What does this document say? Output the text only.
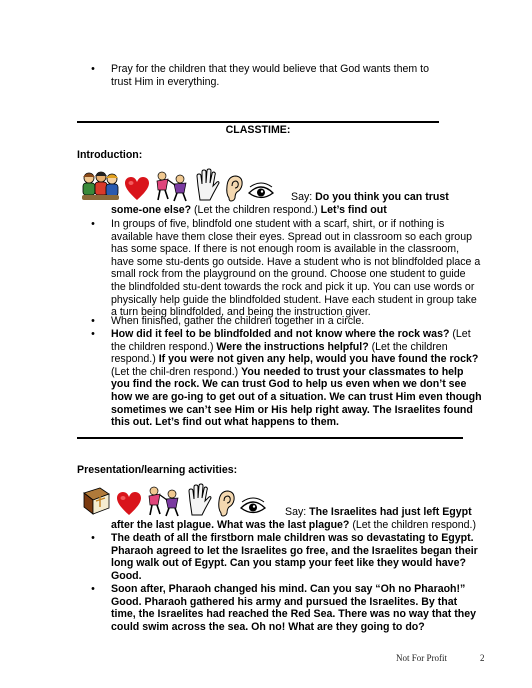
• Pray for the children that they would believe that God wants them to trust Him in everything.

CLASSTIME:
Introduction:

Say: Do you think you can trust some-one else? (Let the children respond.) Let’s find out

• In groups of five, blindfold one student with a scarf, shirt, or if nothing is available have them close their eyes. Spread out in classroom so each group has some space. If there is not enough room is available in the classroom, have some stu-dents go outside. Have a student who is not blindfolded place a small rock from the playground on the ground. Choose one student to guide the blindfolded stu-dent towards the rock and pick it up. You can use words or physically help guide the blindfolded student. Have each student in group take a turn being blindfolded, and being the instruction giver.

• When finished, gather the children together in a circle.

• How did it feel to be blindfolded and not know where the rock was? (Let the children respond.) Were the instructions helpful? (Let the children respond.) If you were not given any help, would you have found the rock? (Let the chil-dren respond.) You needed to trust your classmates to help you find the rock. We can trust God to help us even when we don’t see how we are go-ing to get out of a situation. We can trust Him even though sometimes we can’t see Him or His help right away. The Israelites found this out. Let’s find out what happens to them.

Presentation/learning activities:

Say: The Israelites had just left Egypt after the last plague. What was the last plague? (Let the children respond.)

• The death of all the firstborn male children was so devastating to Egypt. Pharaoh agreed to let the Israelites go free, and the Israelites began their long walk out of Egypt. Can you stamp your feet like they would have? Good.

• Soon after, Pharaoh changed his mind. Can you say “Oh no Pharaoh!” Good. Pharaoh gathered his army and pursued the Israelites. By that time, the Israelites had reached the Red Sea. There was no way that they could swim across the sea. Oh no! What are they going to do?

Not For Profit	2
